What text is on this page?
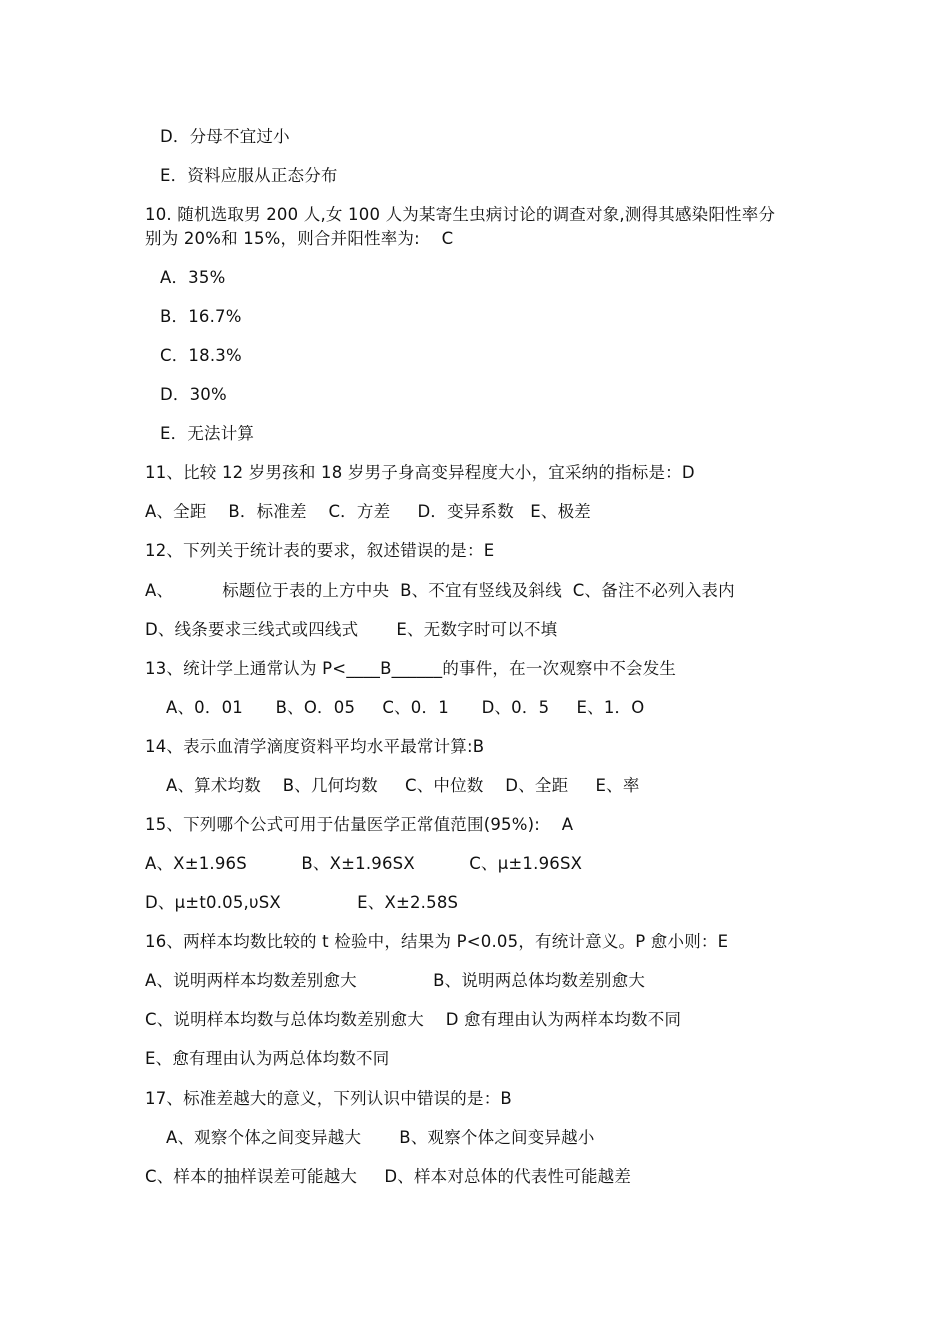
D．分母不宜过小
E．资料应服从正态分布
10. 随机选取男 200 人,女 100 人为某寄生虫病讨论的调查对象,测得其感染阳性率分
别为 20%和 15%，则合并阳性率为:    C
A．35%
B．16.7%
C．18.3%
D．30%
E．无法计算
11、比较 12 岁男孩和 18 岁男子身高变异程度大小，宜采纳的指标是：D
A、全距    B．标准差    C．方差     D．变异系数   E、极差
12、下列关于统计表的要求，叙述错误的是：E
A、         标题位于表的上方中央  B、不宜有竖线及斜线  C、备注不必列入表内
D、线条要求三线式或四线式       E、无数字时可以不填
13、统计学上通常认为 P<____B______的事件，在一次观察中不会发生
A、0．01      B、O．05     C、0．1      D、0．5     E、1．O
14、表示血清学滴度资料平均水平最常计算:B
A、算术均数    B、几何均数     C、中位数    D、全距     E、率
15、下列哪个公式可用于估量医学正常值范围(95%):    A
A、X±1.96S          B、X±1.96SX          C、μ±1.96SX
D、μ±t0.05,υSX              E、X±2.58S
16、两样本均数比较的 t 检验中，结果为 P<0.05，有统计意义。P 愈小则：E
A、说明两样本均数差别愈大              B、说明两总体均数差别愈大
C、说明样本均数与总体均数差别愈大    D 愈有理由认为两样本均数不同
E、愈有理由认为两总体均数不同
17、标准差越大的意义，下列认识中错误的是：B
A、观察个体之间变异越大       B、观察个体之间变异越小
C、样本的抽样误差可能越大     D、样本对总体的代表性可能越差
